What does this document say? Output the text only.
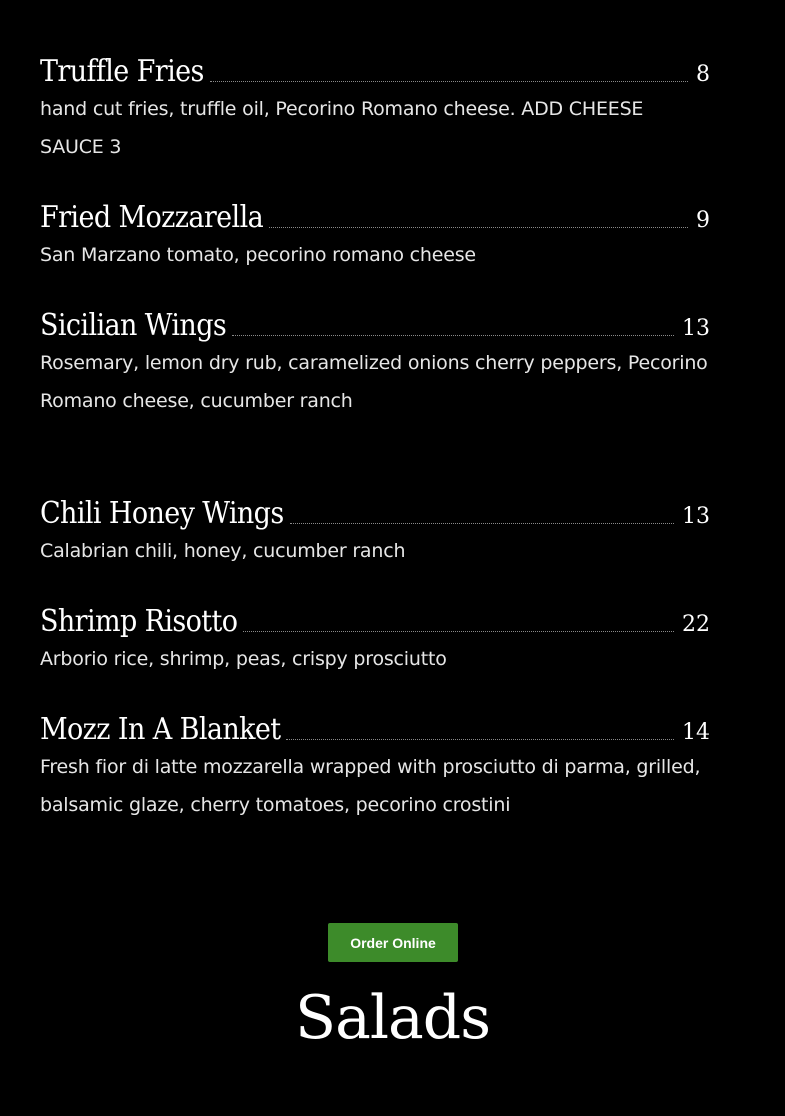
Truffle Fries	8
hand cut fries, truffle oil, Pecorino Romano cheese. ADD CHEESE SAUCE 3
Fried Mozzarella	9
San Marzano tomato, pecorino romano cheese
Sicilian Wings	13
Rosemary, lemon dry rub, caramelized onions cherry peppers, Pecorino Romano cheese, cucumber ranch
Chili Honey Wings	13
Calabrian chili, honey, cucumber ranch
Shrimp Risotto	22
Arborio rice, shrimp, peas, crispy prosciutto
Mozz In A Blanket	14
Fresh fior di latte mozzarella wrapped with prosciutto di parma, grilled, balsamic glaze, cherry tomatoes, pecorino crostini
Order Online
Salads
